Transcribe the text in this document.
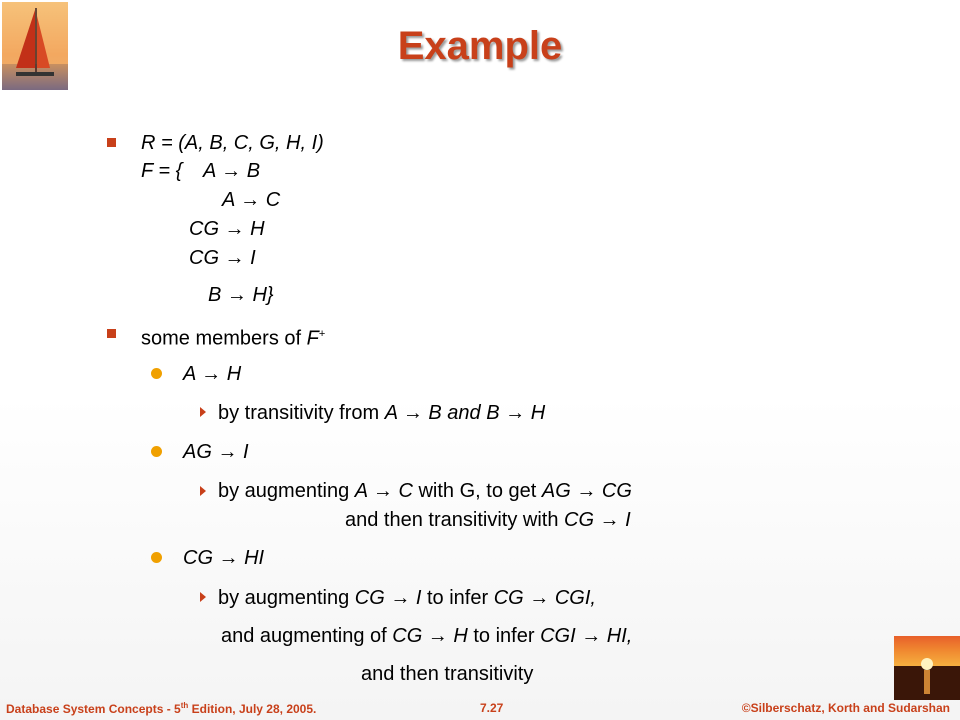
Example
R = (A, B, C, G, H, I)
F = { A → B
A → C
CG → H
CG → I
B → H}
some members of F+
A → H
by transitivity from A → B and B → H
AG → I
by augmenting A → C with G, to get AG → CG
and then transitivity with CG → I
CG → HI
by augmenting CG → I to infer CG → CGI,
and augmenting of CG → H to infer CGI → HI,
and then transitivity
Database System Concepts - 5th Edition, July 28, 2005.	7.27	©Silberschatz, Korth and Sudarshan
